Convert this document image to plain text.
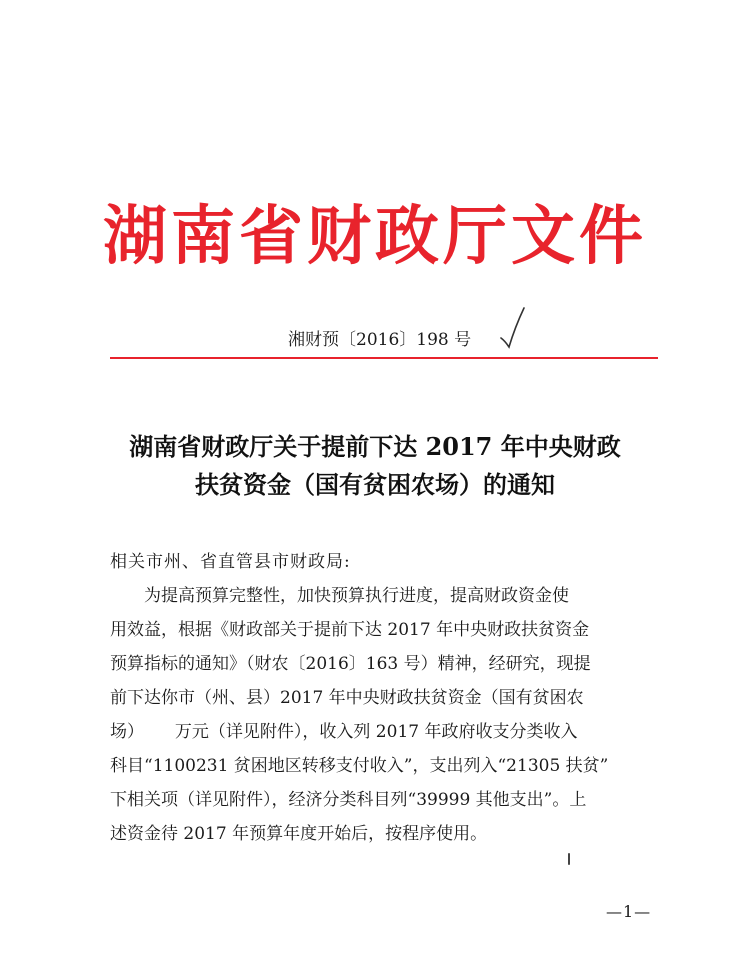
湖南省财政厅文件
湘财预〔2016〕198 号
湖南省财政厅关于提前下达 2017 年中央财政
扶贫资金（国有贫困农场）的通知
相关市州、省直管县市财政局:
为提高预算完整性，加快预算执行进度，提高财政资金使
用效益，根据《财政部关于提前下达 2017 年中央财政扶贫资金
预算指标的通知》（财农〔2016〕163 号）精神，经研究，现提
前下达你市（州、县）2017 年中央财政扶贫资金（国有贫困农
场）　　 万元（详见附件），收入列 2017 年政府收支分类收入
科目“1100231 贫困地区转移支付收入”，支出列入“21305 扶贫”
下相关项（详见附件），经济分类科目列“39999 其他支出”。上
述资金待 2017 年预算年度开始后，按程序使用。
—1—
